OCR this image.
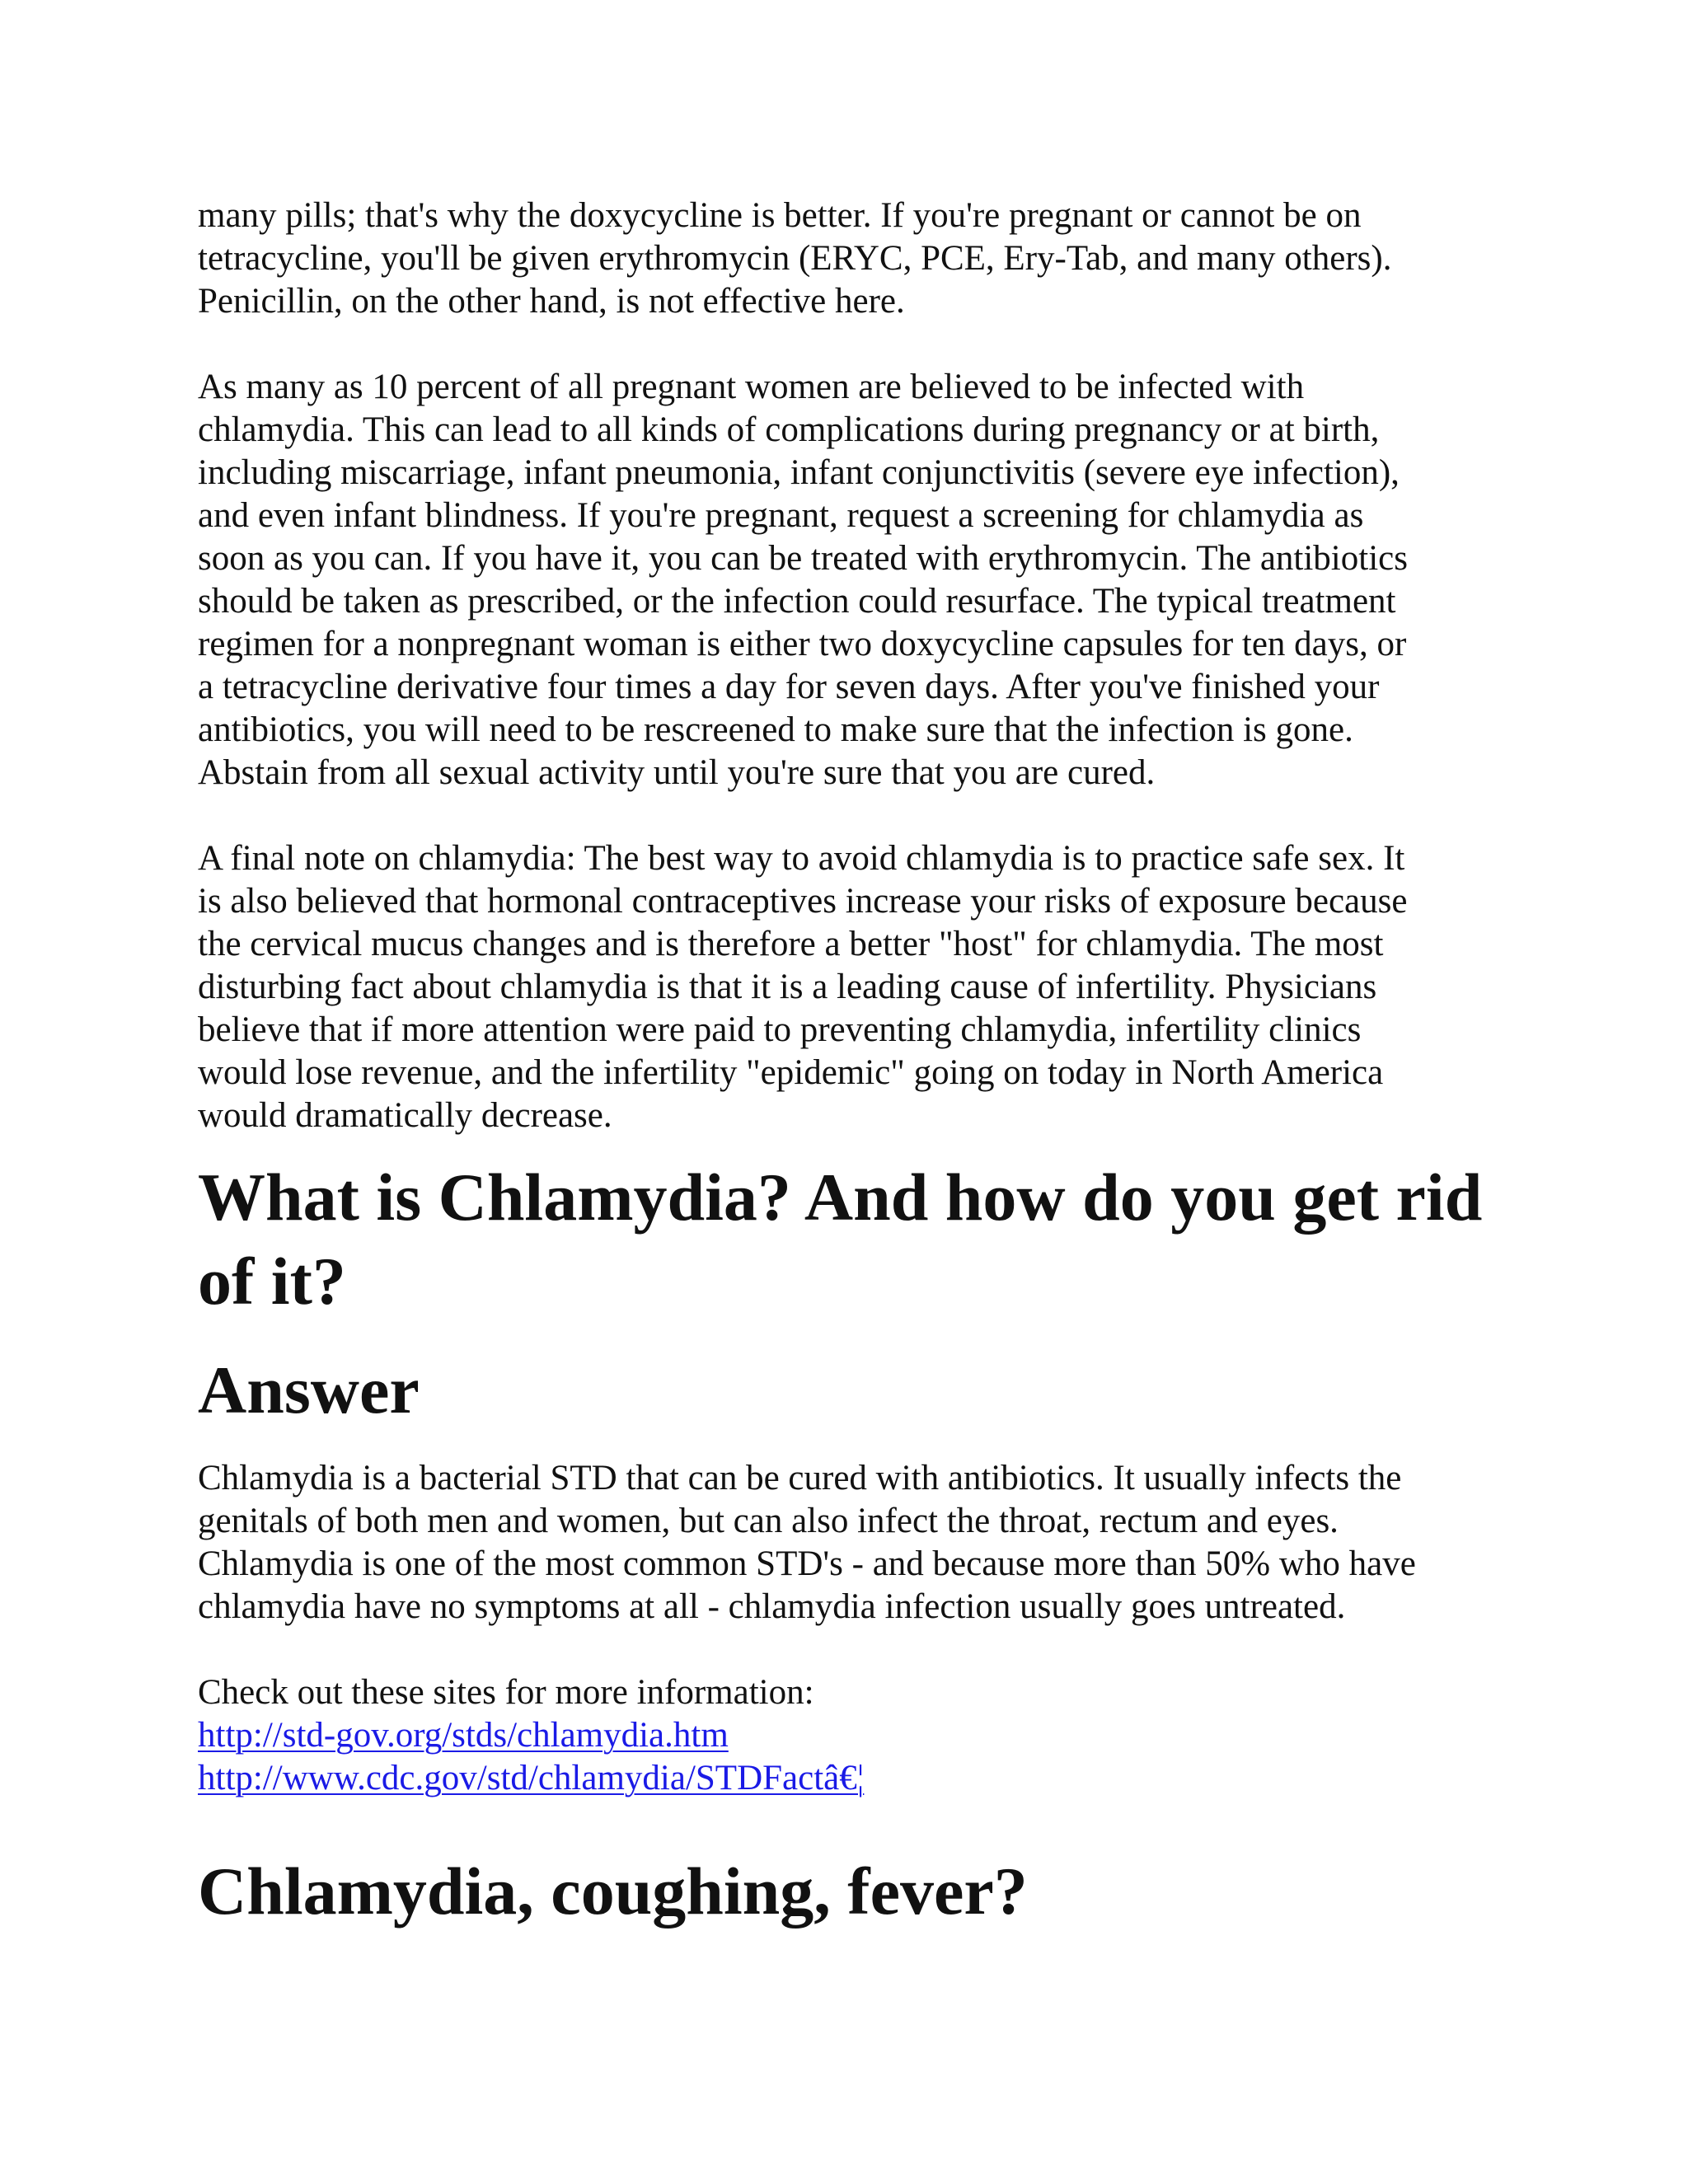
many pills; that's why the doxycycline is better. If you're pregnant or cannot be on
tetracycline, you'll be given erythromycin (ERYC, PCE, Ery-Tab, and many others).
Penicillin, on the other hand, is not effective here.
As many as 10 percent of all pregnant women are believed to be infected with
chlamydia. This can lead to all kinds of complications during pregnancy or at birth,
including miscarriage, infant pneumonia, infant conjunctivitis (severe eye infection),
and even infant blindness. If you're pregnant, request a screening for chlamydia as
soon as you can. If you have it, you can be treated with erythromycin. The antibiotics
should be taken as prescribed, or the infection could resurface. The typical treatment
regimen for a nonpregnant woman is either two doxycycline capsules for ten days, or
a tetracycline derivative four times a day for seven days. After you've finished your
antibiotics, you will need to be rescreened to make sure that the infection is gone.
Abstain from all sexual activity until you're sure that you are cured.
A final note on chlamydia: The best way to avoid chlamydia is to practice safe sex. It
is also believed that hormonal contraceptives increase your risks of exposure because
the cervical mucus changes and is therefore a better "host" for chlamydia. The most
disturbing fact about chlamydia is that it is a leading cause of infertility. Physicians
believe that if more attention were paid to preventing chlamydia, infertility clinics
would lose revenue, and the infertility "epidemic" going on today in North America
would dramatically decrease.
What is Chlamydia? And how do you get rid
of it?
Answer
Chlamydia is a bacterial STD that can be cured with antibiotics. It usually infects the
genitals of both men and women, but can also infect the throat, rectum and eyes.
Chlamydia is one of the most common STD's - and because more than 50% who have
chlamydia have no symptoms at all - chlamydia infection usually goes untreated.
Check out these sites for more information:
http://std-gov.org/stds/chlamydia.htm
http://www.cdc.gov/std/chlamydia/STDFactâ€¦
Chlamydia, coughing, fever?
